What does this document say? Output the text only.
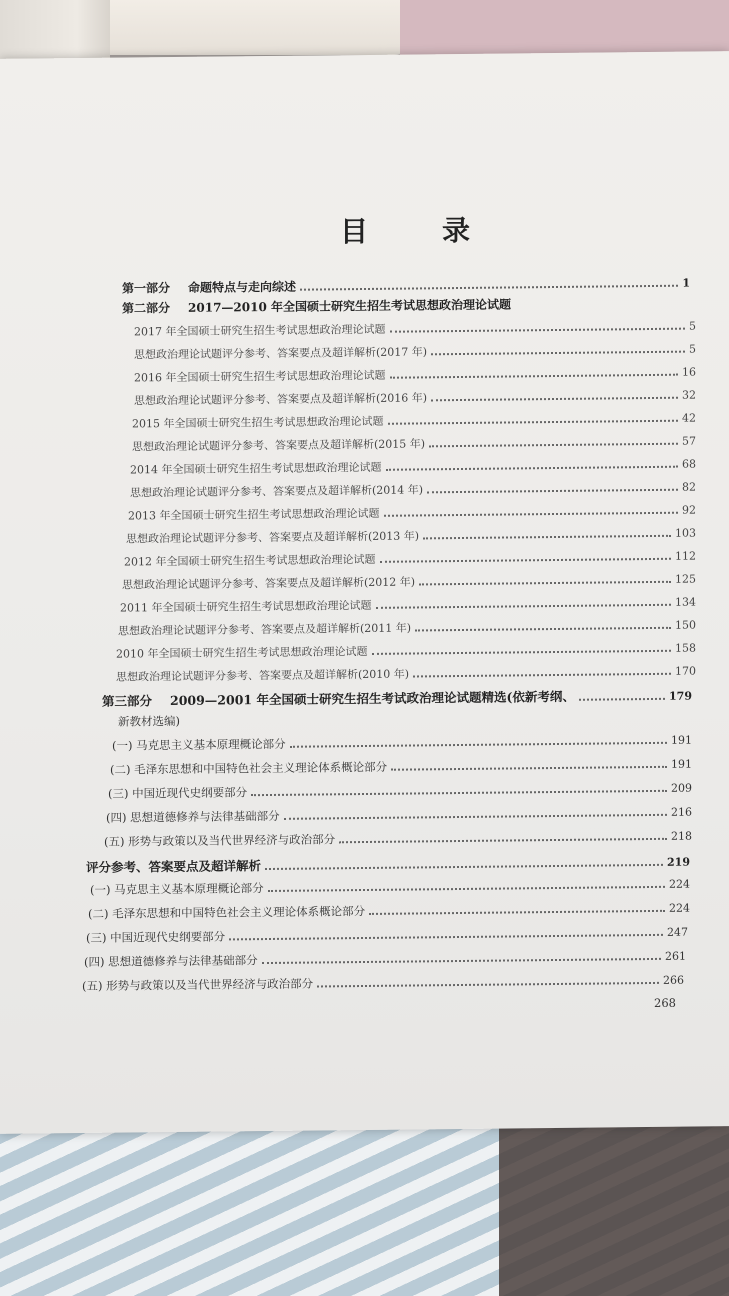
目	录
第一部分 命题特点与走向综述	1
第二部分 2017—2010 年全国硕士研究生招生考试思想政治理论试题
2017 年全国硕士研究生招生考试思想政治理论试题	5
思想政治理论试题评分参考、答案要点及超详解析(2017 年)	5
2016 年全国硕士研究生招生考试思想政治理论试题	16
思想政治理论试题评分参考、答案要点及超详解析(2016 年)	32
2015 年全国硕士研究生招生考试思想政治理论试题	42
思想政治理论试题评分参考、答案要点及超详解析(2015 年)	57
2014 年全国硕士研究生招生考试思想政治理论试题	68
思想政治理论试题评分参考、答案要点及超详解析(2014 年)	82
2013 年全国硕士研究生招生考试思想政治理论试题	92
思想政治理论试题评分参考、答案要点及超详解析(2013 年)	103
2012 年全国硕士研究生招生考试思想政治理论试题	112
思想政治理论试题评分参考、答案要点及超详解析(2012 年)	125
2011 年全国硕士研究生招生考试思想政治理论试题	134
思想政治理论试题评分参考、答案要点及超详解析(2011 年)	150
2010 年全国硕士研究生招生考试思想政治理论试题	158
思想政治理论试题评分参考、答案要点及超详解析(2010 年)	170
第三部分 2009—2001 年全国硕士研究生招生考试政治理论试题精选(依新考纲、	179
新教材选编)
(一) 马克思主义基本原理概论部分	191
(二) 毛泽东思想和中国特色社会主义理论体系概论部分	191
(三) 中国近现代史纲要部分	209
(四) 思想道德修养与法律基础部分	216
(五) 形势与政策以及当代世界经济与政治部分	218
评分参考、答案要点及超详解析	219
(一) 马克思主义基本原理概论部分	224
(二) 毛泽东思想和中国特色社会主义理论体系概论部分	224
(三) 中国近现代史纲要部分	247
(四) 思想道德修养与法律基础部分	261
(五) 形势与政策以及当代世界经济与政治部分	266
268
